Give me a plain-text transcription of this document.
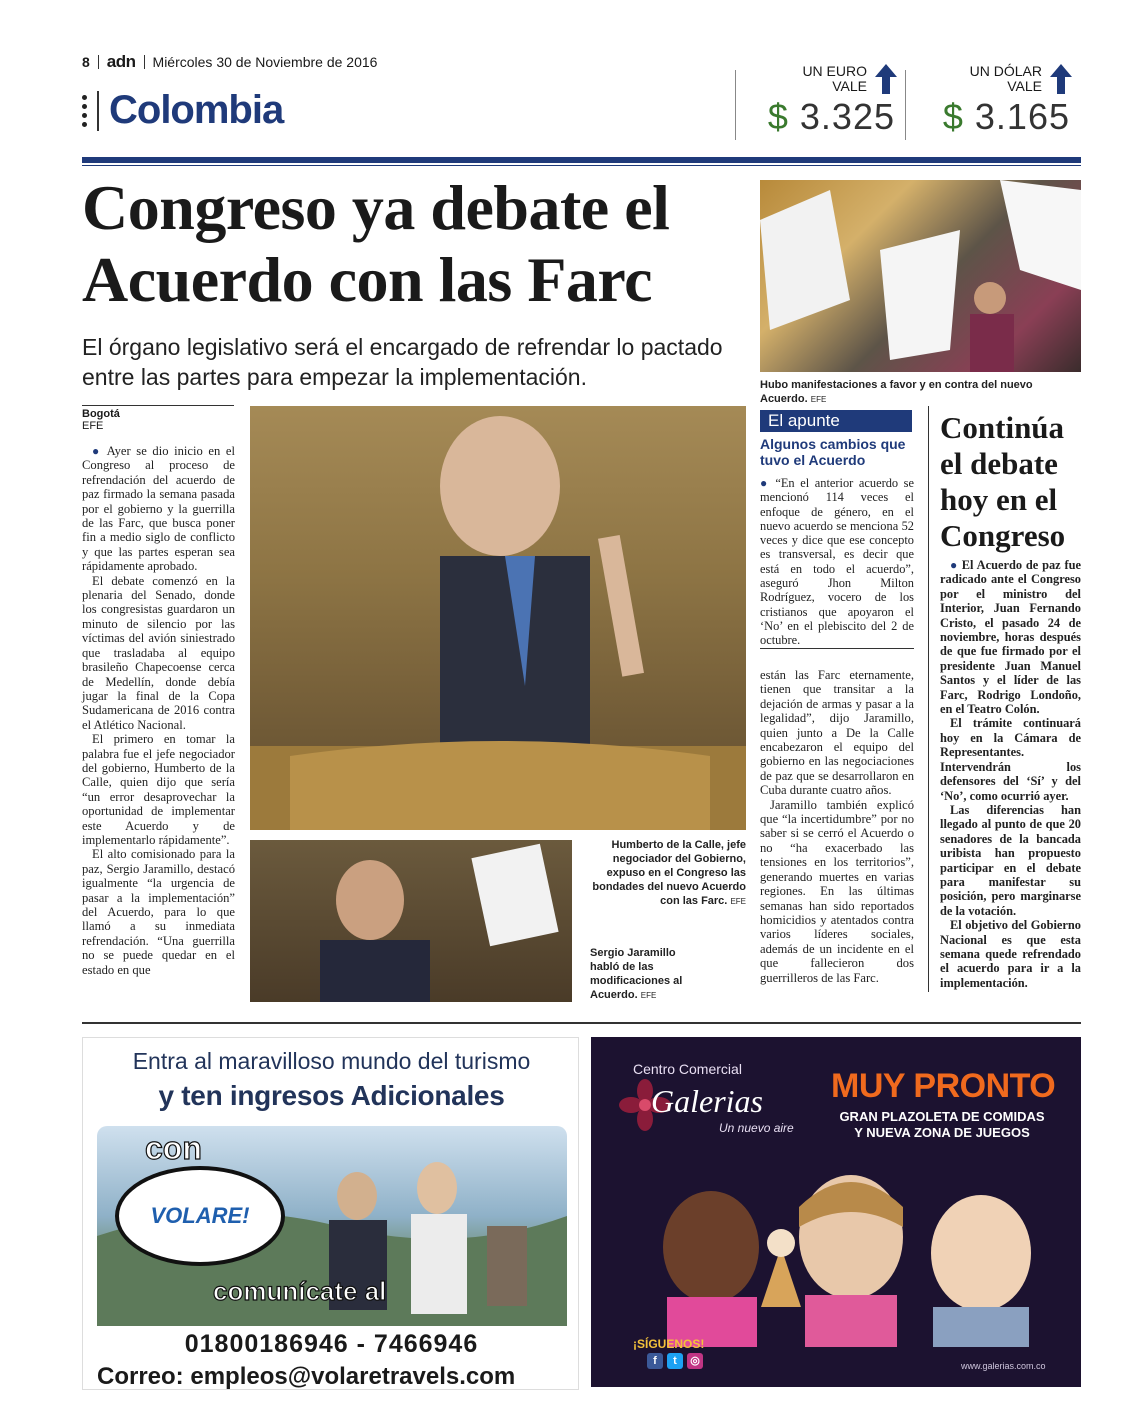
8 adn Miércoles 30 de Noviembre de 2016
Colombia
UN EURO
VALE
$ 3.325
UN DÓLAR
VALE
$ 3.165
Congreso ya debate el Acuerdo con las Farc
El órgano legislativo será el encargado de refrendar lo pactado entre las partes para empezar la implementación.	Hubo manifestaciones a favor y en contra del nuevo Acuerdo. EFE
Bogotá
EFE

● Ayer se dio inicio en el Congreso al proceso de refrendación del acuerdo de paz firmado la semana pasada por el gobierno y la guerrilla de las Farc, que busca poner fin a medio siglo de conflicto y que las partes esperan sea rápidamente aprobado.

El debate comenzó en la plenaria del Senado, donde los congresistas guardaron un minuto de silencio por las víctimas del avión siniestrado que trasladaba al equipo brasileño Chapecoense cerca de Medellín, donde debía jugar la final de la Copa Sudamericana de 2016 contra el Atlético Nacional.

El primero en tomar la palabra fue el jefe negociador del gobierno, Humberto de la Calle, quien dijo que sería “un error desaprovechar la oportunidad de implementar este Acuerdo y de implementarlo rápidamente”.

El alto comisionado para la paz, Sergio Jaramillo, destacó igualmente “la urgencia de pasar a la implementación” del Acuerdo, para lo que llamó a su inmediata refrendación. “Una guerrilla no se puede quedar en el estado en que

Humberto de la Calle, jefe negociador del Gobierno, expuso en el Congreso las bondades del nuevo Acuerdo con las Farc. EFE
Sergio Jaramillo habló de las modificaciones al Acuerdo. EFE
El apunte
Algunos cambios que tuvo el Acuerdo
● “En el anterior acuerdo se mencionó 114 veces el enfoque de género, en el nuevo acuerdo se menciona 52 veces y dice que ese concepto es transversal, es decir que está en todo el acuerdo”, aseguró Jhon Milton Rodríguez, vocero de los cristianos que apoyaron el ‘No’ en el plebiscito del 2 de octubre.

están las Farc eternamente, tienen que transitar a la dejación de armas y pasar a la legalidad”, dijo Jaramillo, quien junto a De la Calle encabezaron el equipo del gobierno en las negociaciones de paz que se desarrollaron en Cuba durante cuatro años.

Jaramillo también explicó que “la incertidumbre” por no saber si se cerró el Acuerdo o no “ha exacerbado las tensiones en los territorios”, generando muertes en varias regiones. En las últimas semanas han sido reportados homicidios y atentados contra varios líderes sociales, además de un incidente en el que fallecieron dos guerrilleros de las Farc.

Continúa el debate hoy en el Congreso

● El Acuerdo de paz fue radicado ante el Congreso por el ministro del Interior, Juan Fernando Cristo, el pasado 24 de noviembre, horas después de que fue firmado por el presidente Juan Manuel Santos y el líder de las Farc, Rodrigo Londoño, en el Teatro Colón.

El trámite continuará hoy en la Cámara de Representantes. Intervendrán los defensores del ‘Sí’ y del ‘No’, como ocurrió ayer.

Las diferencias han llegado al punto de que 20 senadores de la bancada uribista han propuesto participar en el debate para manifestar su posición, pero marginarse de la votación.

El objetivo del Gobierno Nacional es que esta semana quede refrendado el acuerdo para ir a la implementación.

Entra al maravilloso mundo del turismo
y ten ingresos Adicionales
con
VOLARE!
comunícate al
01800186946 - 7466946
Correo: empleos@volaretravels.com
Centro Comercial
Galerias
Un nuevo aire
MUY PRONTO
GRAN PLAZOLETA DE COMIDAS
Y NUEVA ZONA DE JUEGOS
¡SÍGUENOS!
f	t	◎	www.galerias.com.co
